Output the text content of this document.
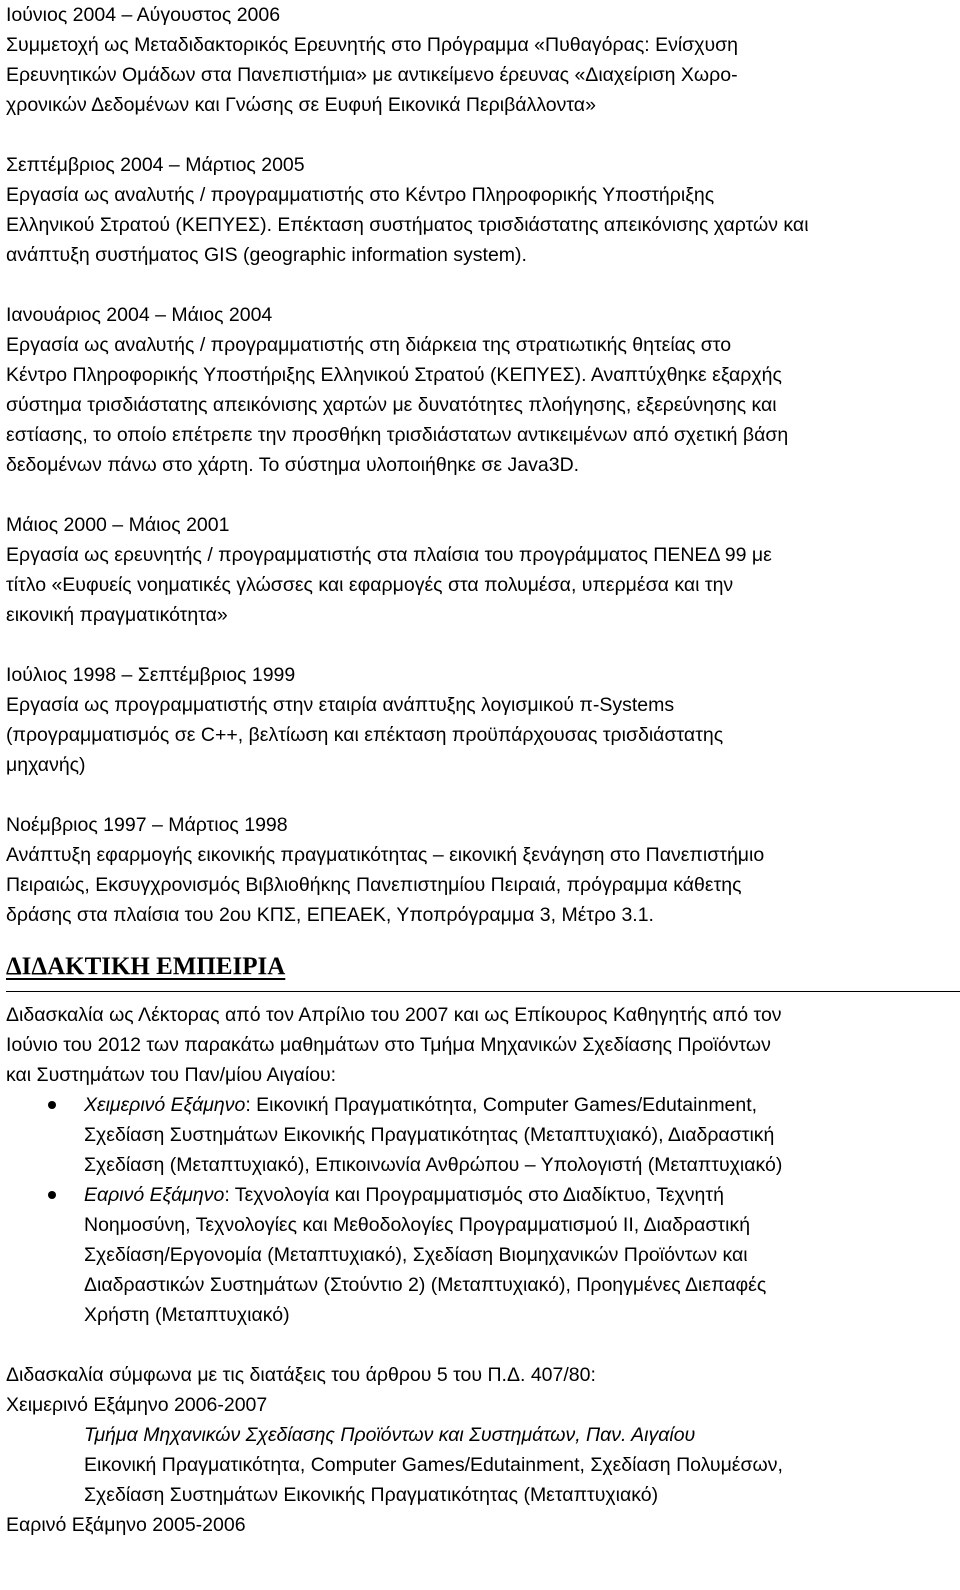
Ιούνιος 2004 – Αύγουστος 2006
Συμμετοχή ως Μεταδιδακτορικός Ερευνητής στο Πρόγραμμα «Πυθαγόρας: Ενίσχυση
Ερευνητικών Ομάδων στα Πανεπιστήμια» με αντικείμενο έρευνας «Διαχείριση Χωρο-
χρονικών Δεδομένων και Γνώσης σε Ευφυή Εικονικά Περιβάλλοντα»
Σεπτέμβριος 2004 – Μάρτιος 2005
Εργασία ως αναλυτής / προγραμματιστής στο Κέντρο Πληροφορικής Υποστήριξης
Ελληνικού Στρατού (ΚΕΠΥΕΣ). Επέκταση συστήματος τρισδιάστατης απεικόνισης χαρτών και
ανάπτυξη συστήματος GIS (geographic information system).
Ιανουάριος 2004 – Μάιος 2004
Εργασία ως αναλυτής / προγραμματιστής στη διάρκεια της στρατιωτικής θητείας στο
Κέντρο Πληροφορικής Υποστήριξης Ελληνικού Στρατού (ΚΕΠΥΕΣ). Αναπτύχθηκε εξαρχής
σύστημα τρισδιάστατης απεικόνισης χαρτών με δυνατότητες πλοήγησης, εξερεύνησης και
εστίασης, το οποίο επέτρεπε την προσθήκη τρισδιάστατων αντικειμένων από σχετική βάση
δεδομένων πάνω στο χάρτη. Το σύστημα υλοποιήθηκε σε Java3D.
Μάιος 2000 – Μάιος 2001
Εργασία ως ερευνητής / προγραμματιστής στα πλαίσια του προγράμματος ΠΕΝΕΔ 99 με
τίτλο «Ευφυείς νοηματικές γλώσσες και εφαρμογές στα πολυμέσα, υπερμέσα και την
εικονική πραγματικότητα»
Ιούλιος 1998 – Σεπτέμβριος 1999
Εργασία ως προγραμματιστής στην εταιρία ανάπτυξης λογισμικού π-Systems
(προγραμματισμός σε C++, βελτίωση και επέκταση προϋπάρχουσας τρισδιάστατης
μηχανής)
Νοέμβριος 1997 – Μάρτιος 1998
Ανάπτυξη εφαρμογής εικονικής πραγματικότητας – εικονική ξενάγηση στο Πανεπιστήμιο
Πειραιώς, Εκσυγχρονισμός Βιβλιοθήκης Πανεπιστημίου Πειραιά, πρόγραμμα κάθετης
δράσης στα πλαίσια του 2ου ΚΠΣ, ΕΠΕΑΕΚ, Υποπρόγραμμα 3, Μέτρο 3.1.
ΔΙΔΑΚΤΙΚΗ ΕΜΠΕΙΡΙΑ
Διδασκαλία ως Λέκτορας από τον Απρίλιο του 2007 και ως Επίκουρος Καθηγητής από τον
Ιούνιο του 2012 των παρακάτω μαθημάτων στο Τμήμα Μηχανικών Σχεδίασης Προϊόντων
και Συστημάτων του Παν/μίου Αιγαίου:
Χειμερινό Εξάμηνο: Εικονική Πραγματικότητα, Computer Games/Edutainment,
Σχεδίαση Συστημάτων Εικονικής Πραγματικότητας (Μεταπτυχιακό), Διαδραστική
Σχεδίαση (Μεταπτυχιακό), Επικοινωνία Ανθρώπου – Υπολογιστή (Μεταπτυχιακό)
Εαρινό Εξάμηνο: Τεχνολογία και Προγραμματισμός στο Διαδίκτυο, Τεχνητή
Νοημοσύνη, Τεχνολογίες και Μεθοδολογίες Προγραμματισμού ΙΙ, Διαδραστική
Σχεδίαση/Εργονομία (Μεταπτυχιακό), Σχεδίαση Βιομηχανικών Προϊόντων και
Διαδραστικών Συστημάτων (Στούντιο 2) (Μεταπτυχιακό), Προηγμένες Διεπαφές
Χρήστη (Μεταπτυχιακό)
Διδασκαλία σύμφωνα με τις διατάξεις του άρθρου 5 του Π.Δ. 407/80:
Χειμερινό Εξάμηνο 2006-2007
Τμήμα Μηχανικών Σχεδίασης Προϊόντων και Συστημάτων, Παν. Αιγαίου
Εικονική Πραγματικότητα, Computer Games/Edutainment, Σχεδίαση Πολυμέσων,
Σχεδίαση Συστημάτων Εικονικής Πραγματικότητας (Μεταπτυχιακό)
Εαρινό Εξάμηνο 2005-2006
